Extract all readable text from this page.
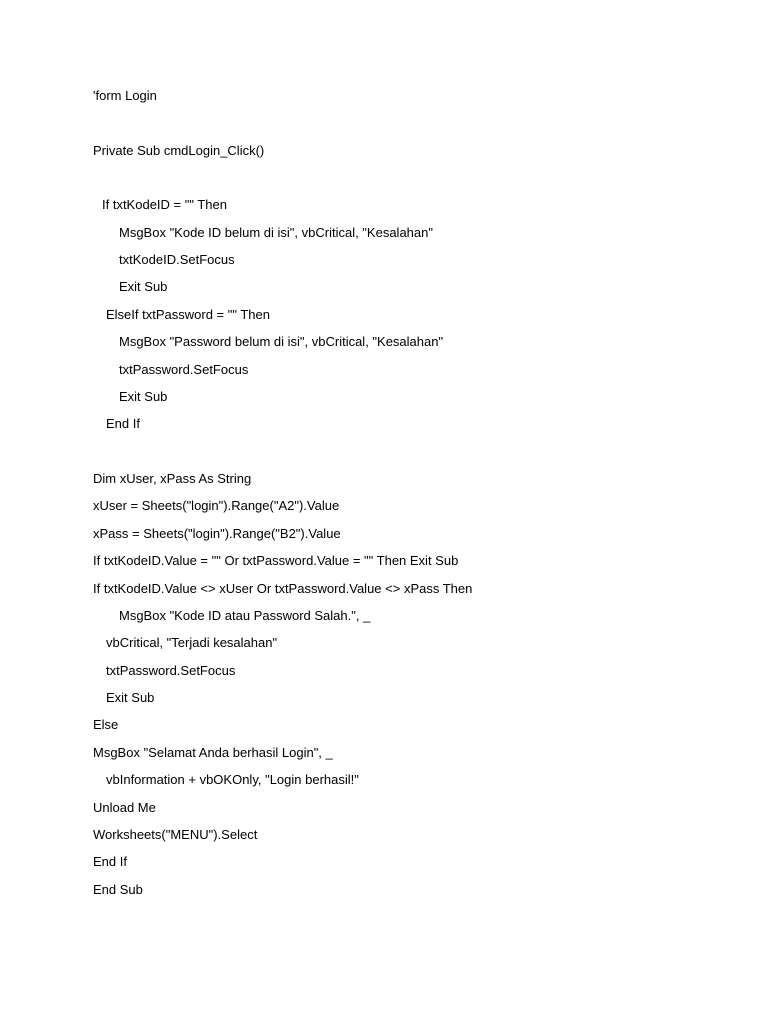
'form Login
Private Sub cmdLogin_Click()
If txtKodeID = "" Then
MsgBox "Kode ID belum di isi", vbCritical, "Kesalahan"
txtKodeID.SetFocus
Exit Sub
ElseIf txtPassword = "" Then
MsgBox "Password belum di isi", vbCritical, "Kesalahan"
txtPassword.SetFocus
Exit Sub
End If
Dim xUser, xPass As String
xUser = Sheets("login").Range("A2").Value
xPass = Sheets("login").Range("B2").Value
If txtKodeID.Value = "" Or txtPassword.Value = "" Then Exit Sub
If txtKodeID.Value <> xUser Or txtPassword.Value <> xPass Then
MsgBox "Kode ID atau Password Salah.", _
vbCritical, "Terjadi kesalahan"
txtPassword.SetFocus
Exit Sub
Else
MsgBox "Selamat Anda berhasil Login", _
vbInformation + vbOKOnly, "Login berhasil!"
Unload Me
Worksheets("MENU").Select
End If
End Sub
